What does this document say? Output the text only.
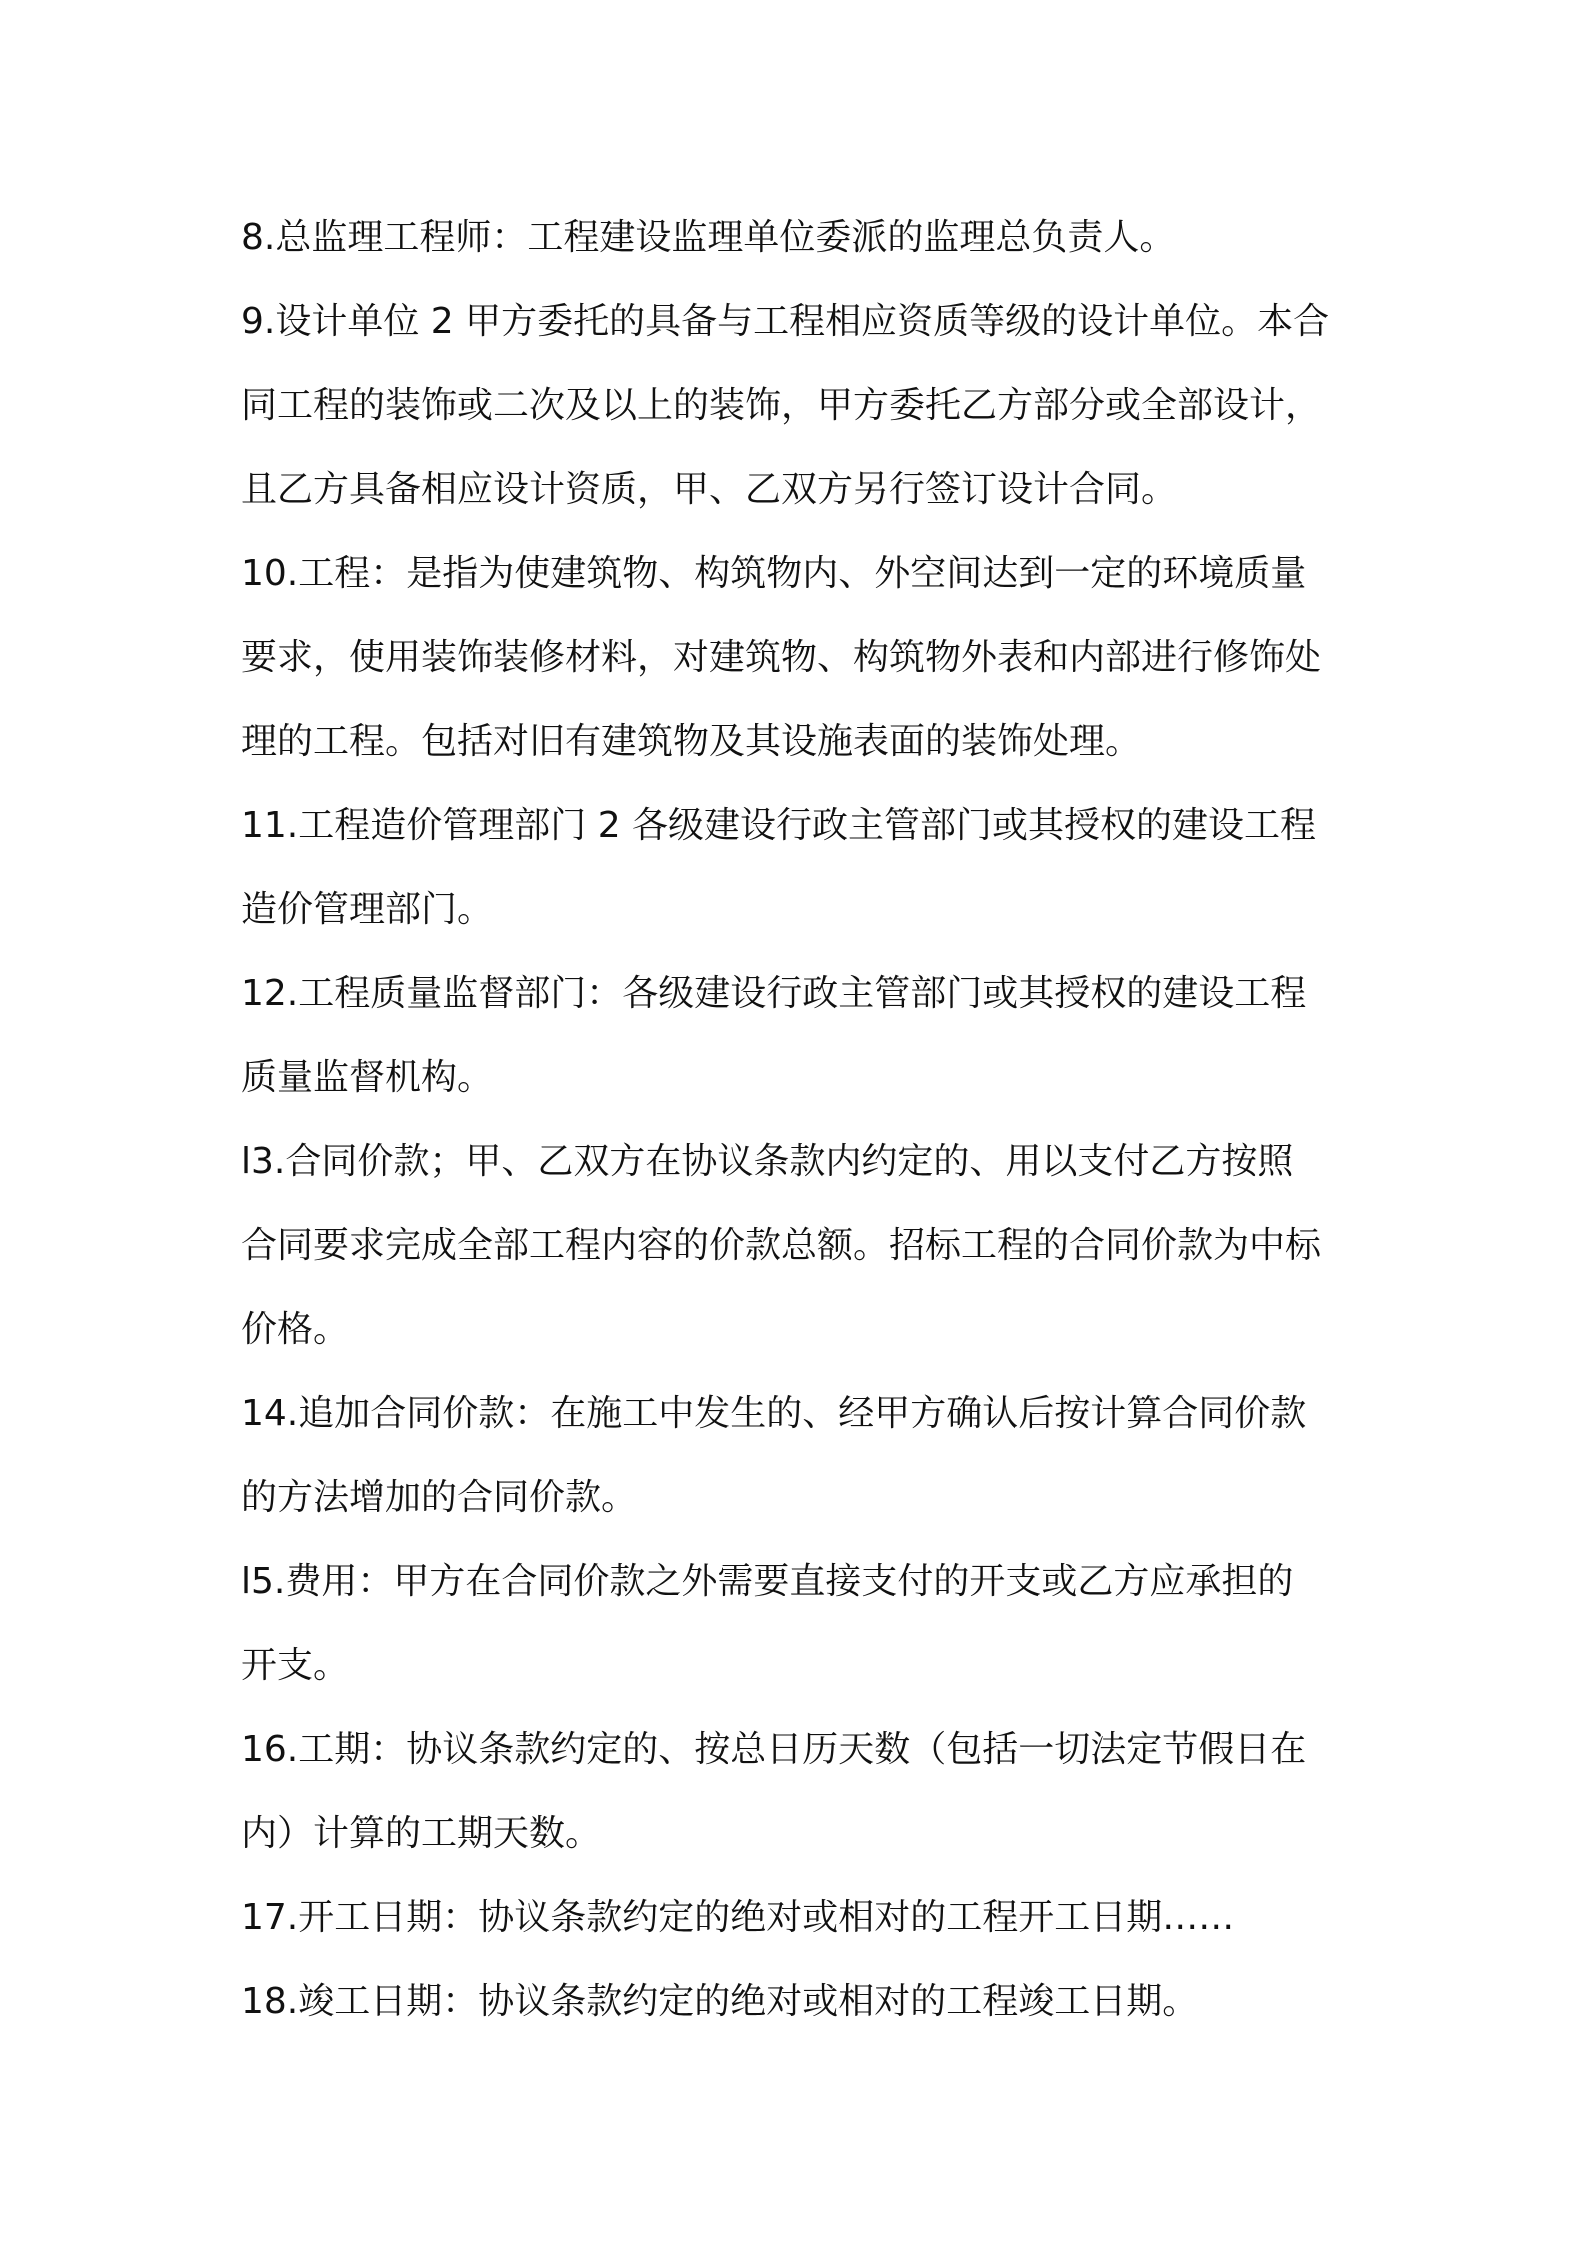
8.总监理工程师：工程建设监理单位委派的监理总负责人。
9.设计单位 2 甲方委托的具备与工程相应资质等级的设计单位。本合
同工程的装饰或二次及以上的装饰，甲方委托乙方部分或全部设计，
且乙方具备相应设计资质，甲、乙双方另行签订设计合同。
10.工程：是指为使建筑物、构筑物内、外空间达到一定的环境质量
要求，使用装饰装修材料，对建筑物、构筑物外表和内部进行修饰处
理的工程。包括对旧有建筑物及其设施表面的装饰处理。
11.工程造价管理部门 2 各级建设行政主管部门或其授权的建设工程
造价管理部门。
12.工程质量监督部门：各级建设行政主管部门或其授权的建设工程
质量监督机构。
l3.合同价款；甲、乙双方在协议条款内约定的、用以支付乙方按照
合同要求完成全部工程内容的价款总额。招标工程的合同价款为中标
价格。
14.追加合同价款：在施工中发生的、经甲方确认后按计算合同价款
的方法增加的合同价款。
l5.费用：甲方在合同价款之外需要直接支付的开支或乙方应承担的
开支。
16.工期：协议条款约定的、按总日历天数（包括一切法定节假日在
内）计算的工期天数。
17.开工日期：协议条款约定的绝对或相对的工程开工日期……
18.竣工日期：协议条款约定的绝对或相对的工程竣工日期。
